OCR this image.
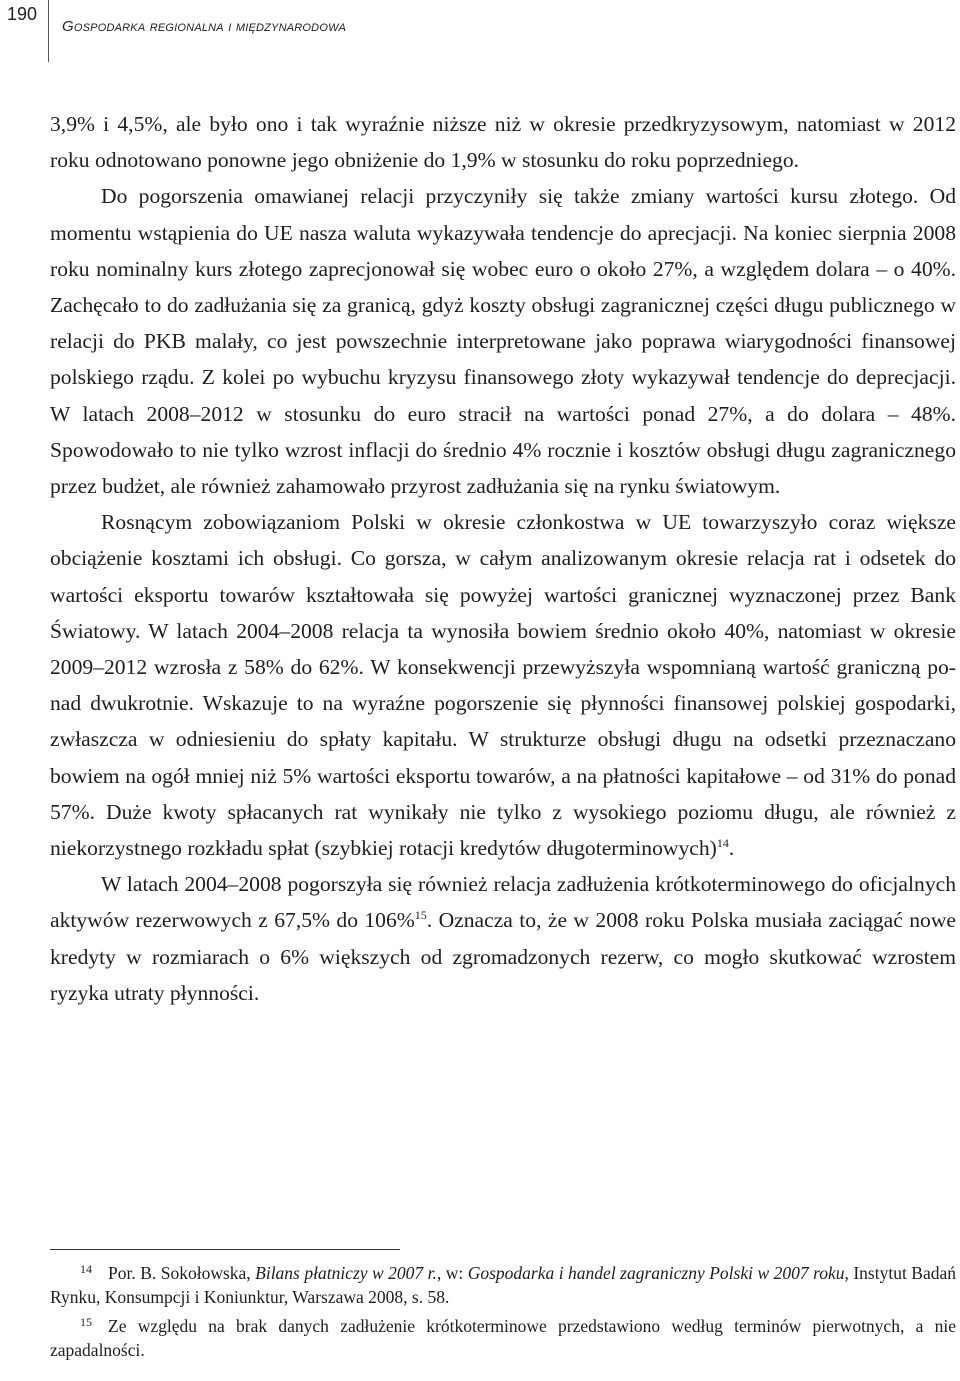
190
Gospodarka regionalna i międzynarodowa

3,9% i 4,5%, ale było ono i tak wyraźnie niższe niż w okresie przedkryzysowym, natomiast w 2012 roku odnotowano ponowne jego obniżenie do 1,9% w stosunku do roku poprzedniego.

Do pogorszenia omawianej relacji przyczyniły się także zmiany wartości kursu złotego. Od momentu wstąpienia do UE nasza waluta wykazywała tendencje do aprecjacji. Na koniec sierpnia 2008 roku nominalny kurs złotego zaprecjonował się wobec euro o około 27%, a względem dolara – o 40%. Zachęcało to do zadłużania się za granicą, gdyż koszty obsługi zagranicznej części długu publicznego w relacji do PKB malały, co jest powszechnie interpretowane jako poprawa wiarygodności finansowej polskiego rządu. Z kolei po wybuchu kryzysu finansowego złoty wykazywał tendencje do deprecjacji. W latach 2008–2012 w stosunku do euro stracił na wartości ponad 27%, a do dolara – 48%. Spowodowało to nie tylko wzrost inflacji do średnio 4% rocznie i kosztów obsługi długu zagranicznego przez budżet, ale również zahamowało przyrost zadłużania się na rynku światowym.

Rosnącym zobowiązaniom Polski w okresie członkostwa w UE towarzyszyło coraz większe obciążenie kosztami ich obsługi. Co gorsza, w całym analizowanym okresie relacja rat i odsetek do wartości eksportu towarów kształtowała się powyżej wartości granicznej wyznaczonej przez Bank Światowy. W latach 2004–2008 relacja ta wynosiła bowiem średnio około 40%, natomiast w okresie 2009–2012 wzrosła z 58% do 62%. W konsekwencji przewyższyła wspomnianą wartość graniczną ponad dwukrotnie. Wskazuje to na wyraźne pogorszenie się płynności finansowej polskiej gospodarki, zwłaszcza w odniesieniu do spłaty kapitału. W strukturze obsługi długu na odsetki przeznaczano bowiem na ogół mniej niż 5% wartości eksportu towarów, a na płatności kapitałowe – od 31% do ponad 57%. Duże kwoty spłacanych rat wynikały nie tylko z wysokiego poziomu długu, ale również z niekorzystnego rozkładu spłat (szybkiej rotacji kredytów długoterminowych)$^{14}$.

W latach 2004–2008 pogorszyła się również relacja zadłużenia krótkoterminowego do oficjalnych aktywów rezerwowych z 67,5% do 106%$^{15}$. Oznacza to, że w 2008 roku Polska musiała zaciągać nowe kredyty w rozmiarach o 6% większych od zgromadzonych rezerw, co mogło skutkować wzrostem ryzyka utraty płynności.

$^{14}$ Por. B. Sokołowska, Bilans płatniczy w 2007 r., w: Gospodarka i handel zagraniczny Polski w 2007 roku, Instytut Badań Rynku, Konsumpcji i Koniunktur, Warszawa 2008, s. 58.

$^{15}$ Ze względu na brak danych zadłużenie krótkoterminowe przedstawiono według terminów pierwotnych, a nie zapadalności.
